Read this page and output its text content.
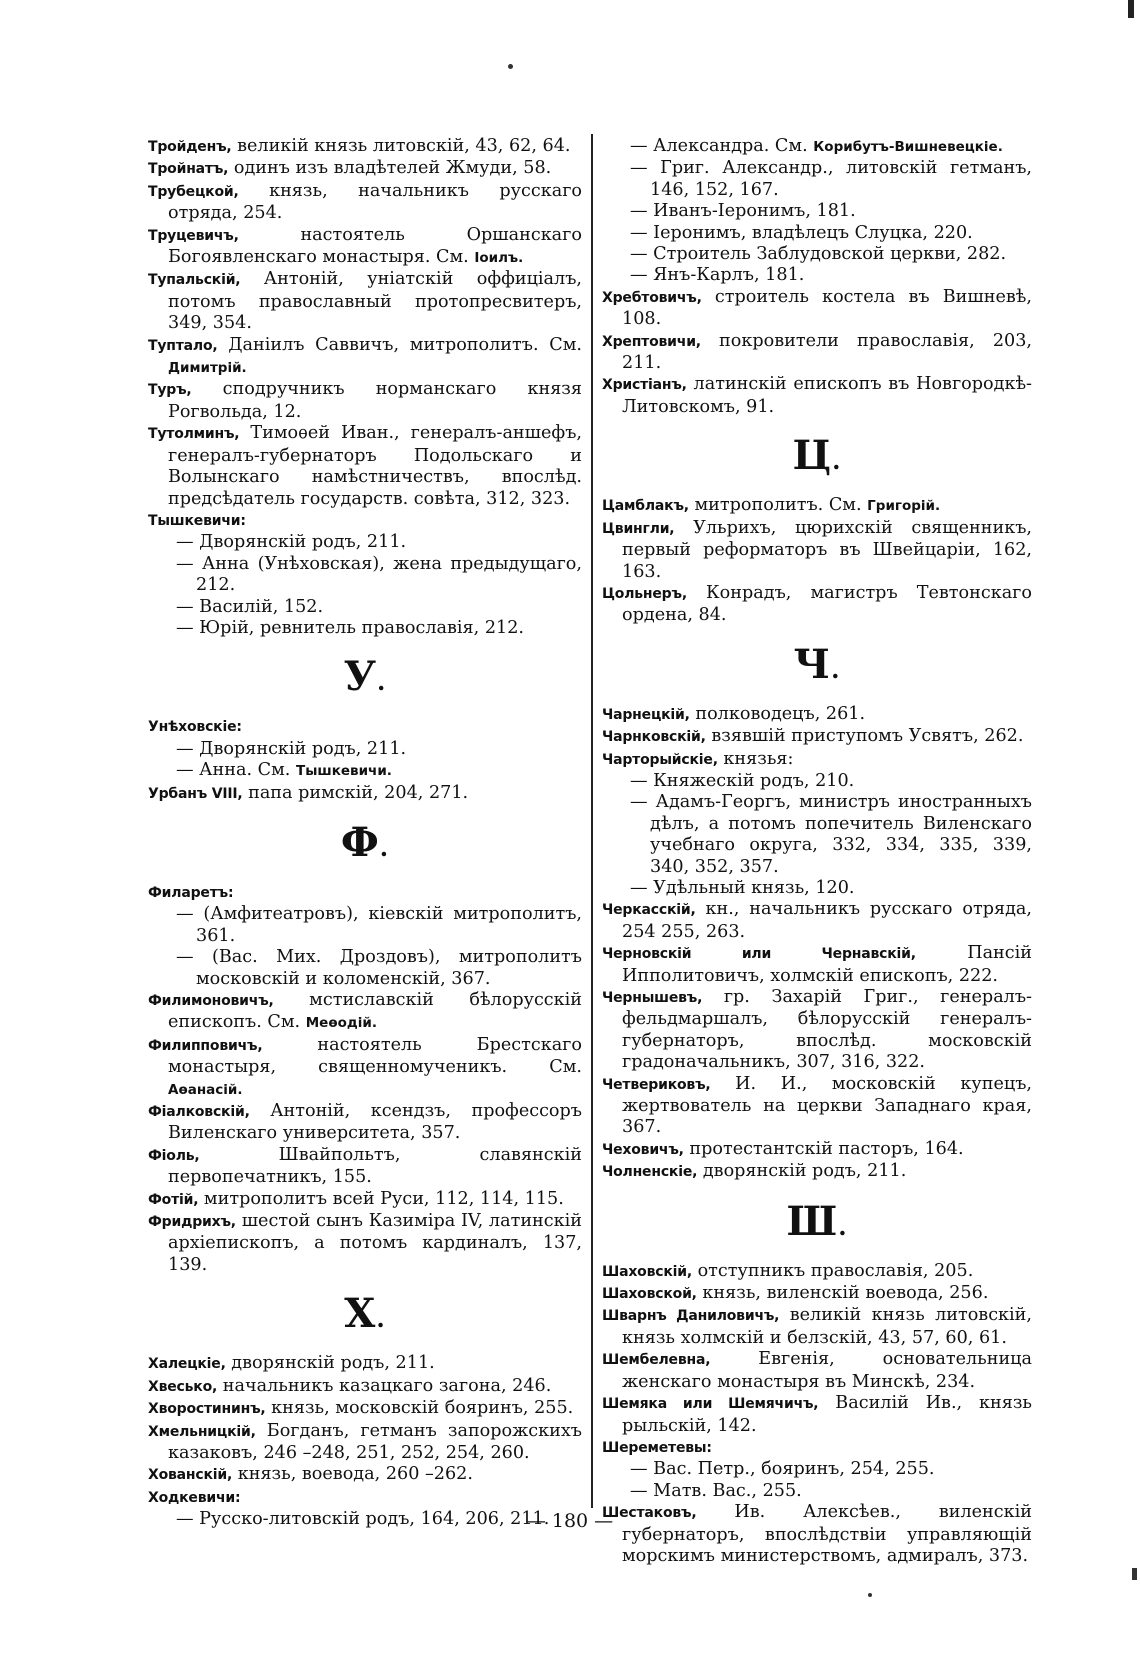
Тройденъ, великій князь литовскій, 43, 62, 64.

Тройнатъ, одинъ изъ владѣтелей Жмуди, 58.

Трубецкой, князь, начальникъ русскаго отряда, 254.

Труцевичъ, настоятель Оршанскаго Богоявленскаго монастыря. См. Іоилъ.

Тупальскій, Антоній, уніатскій оффиціалъ, потомъ православный протопресвитеръ, 349, 354.

Туптало, Даніилъ Саввичъ, митрополитъ. См. Димитрій.

Туръ, сподручникъ норманскаго князя Рогвольда, 12.

Тутолминъ, Тимоѳей Иван., генералъ-аншефъ, генералъ-губернаторъ Подольскаго и Волынскаго намѣстничествъ, впослѣд. предсѣдатель государств. совѣта, 312, 323.

Тышкевичи:

— Дворянскій родъ, 211.

— Анна (Унѣховская), жена предыдущаго, 212.

— Василій, 152.

— Юрій, ревнитель православія, 212.

У.

Унѣховскіе:

— Дворянскій родъ, 211.

— Анна. См. Тышкевичи.

Урбанъ VIII, папа римскій, 204, 271.

Ф.

Филаретъ:

— (Амфитеатровъ), кіевскій митрополитъ, 361.

— (Вас. Мих. Дроздовъ), митрополитъ московскій и коломенскій, 367.

Филимоновичъ, мстиславскій бѣлорусскій епископъ. См. Меѳодій.

Филипповичъ, настоятель Брестскаго монастыря, священномученикъ. См. Аѳанасій.

Фіалковскій, Антоній, ксендзъ, профессоръ Виленскаго университета, 357.

Фіоль, Швайпольтъ, славянскій первопечатникъ, 155.

Фотій, митрополитъ всей Руси, 112, 114, 115.

Фридрихъ, шестой сынъ Казиміра IV, латинскій архіепископъ, а потомъ кардиналъ, 137, 139.

Х.

Халецкіе, дворянскій родъ, 211.

Хвесько, начальникъ казацкаго загона, 246.

Хворостининъ, князь, московскій бояринъ, 255.

Хмельницкій, Богданъ, гетманъ запорожскихъ казаковъ, 246 –248, 251, 252, 254, 260.

Хованскій, князь, воевода, 260 –262.

Ходкевичи:

— Русско-литовскій родъ, 164, 206, 211.

— Александра. См. Корибутъ-Вишневецкіе.

— Григ. Александр., литовскій гетманъ, 146, 152, 167.

— Иванъ-Іеронимъ, 181.

— Іеронимъ, владѣлецъ Слуцка, 220.

— Строитель Заблудовской церкви, 282.

— Янъ-Карлъ, 181.

Хребтовичъ, строитель костела въ Вишневѣ, 108.

Хрептовичи, покровители православія, 203, 211.

Христіанъ, латинскій епископъ въ Новгородкѣ-Литовскомъ, 91.

Ц.

Цамблакъ, митрополитъ. См. Григорій.

Цвингли, Ульрихъ, цюрихскій священникъ, первый реформаторъ въ Швейцаріи, 162, 163.

Цольнеръ, Конрадъ, магистръ Тевтонскаго ордена, 84.

Ч.

Чарнецкій, полководецъ, 261.

Чарнковскій, взявшій приступомъ Усвятъ, 262.

Чарторыйскіе, князья:

— Княжескій родъ, 210.

— Адамъ-Георгъ, министръ иностранныхъ дѣлъ, а потомъ попечитель Виленскаго учебнаго округа, 332, 334, 335, 339, 340, 352, 357.

— Удѣльный князь, 120.

Черкасскій, кн., начальникъ русскаго отряда, 254 255, 263.

Черновскій или Чернавскій, Пансій Ипполитовичъ, холмскій епископъ, 222.

Чернышевъ, гр. Захарій Григ., генералъ-фельдмаршалъ, бѣлорусскій генералъ-губернаторъ, впослѣд. московскій градоначальникъ, 307, 316, 322.

Четвериковъ, И. И., московскій купецъ, жертвователь на церкви Западнаго края, 367.

Чеховичъ, протестантскій пасторъ, 164.

Чолненскіе, дворянскій родъ, 211.

Ш.

Шаховскій, отступникъ православія, 205.

Шаховской, князь, виленскій воевода, 256.

Шварнъ Даниловичъ, великій князь литовскій, князь холмскій и белзскій, 43, 57, 60, 61.

Шембелевна, Евгенія, основательница женскаго монастыря въ Минскѣ, 234.

Шемяка или Шемячичъ, Василій Ив., князь рыльскій, 142.

Шереметевы:

— Вас. Петр., бояринъ, 254, 255.

— Матв. Вас., 255.

Шестаковъ, Ив. Алексѣев., виленскій губернаторъ, впослѣдствіи управляющій морскимъ министерствомъ, адмиралъ, 373.

— 180 —
